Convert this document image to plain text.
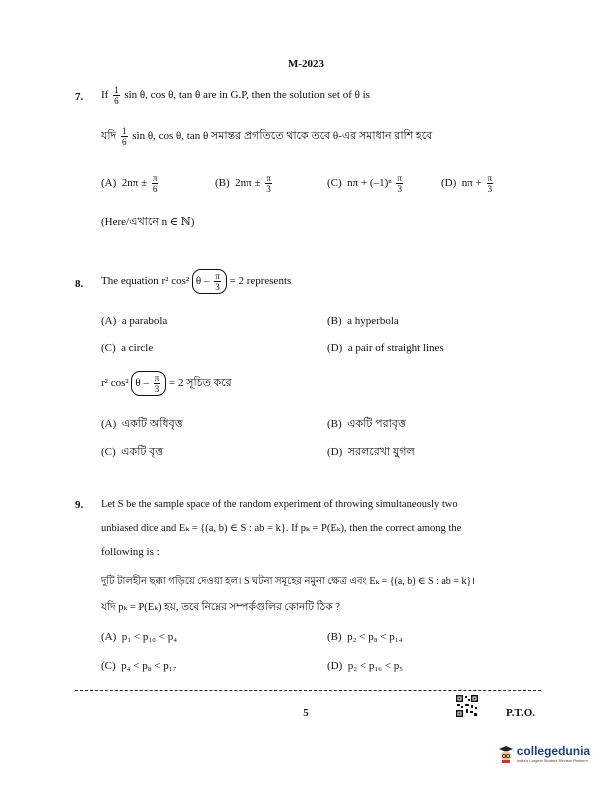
M-2023
7. If $\frac{1}{6}$ sin θ, cos θ, tan θ are in G.P, then the solution set of θ is
যদি $\frac{1}{6}$ sin θ, cos θ, tan θ সমান্তর প্রগতিতে থাকে তবে θ-এর সমাধান রাশি হবে
(A) $2n\pi \pm \frac{\pi}{6}$	(B) $2n\pi \pm \frac{\pi}{3}$	(C) $n\pi + (-1)^n \frac{\pi}{3}$	(D) $n\pi + \frac{\pi}{3}$
(Here/এখানে n ∈ ℕ)
8. The equation r² cos² $\theta - \frac{\pi}{3} = 2$ represents
(A) a parabola	(B) a hyperbola
(C) a circle	(D) a pair of straight lines
r² cos² $\theta - \frac{\pi}{3} = 2$ সূচিত করে
(A) একটি অধিবৃত্ত	(B) একটি পরাবৃত্ত
(C) একটি বৃত্ত	(D) সরলরেখা যুগল
9. Let S be the sample space of the random experiment of throwing simultaneously two
unbiased dice and Eₖ = {(a, b) ∈ S : ab = k}. If pₖ = P(Eₖ), then the correct among the
following is :
দুটি টালহীন ছক্কা গড়িয়ে দেওয়া হল। S ঘটনা সমূহের নমুনা ক্ষেত্র এবং Eₖ = {(a, b) ∈ S : ab = k}।
যদি pₖ = P(Eₖ) হয়, তবে নিম্নের সম্পর্কগুলির কোনটি ঠিক ?
(A) p₁ < p₁₀ < p₄	(B) p₂ < p₈ < p₁₄
(C) p₄ < p₈ < p₁₇	(D) p₂ < p₁₆ < p₅
5	P.T.O.

collegedunia
India's Largest Student Review Platform
